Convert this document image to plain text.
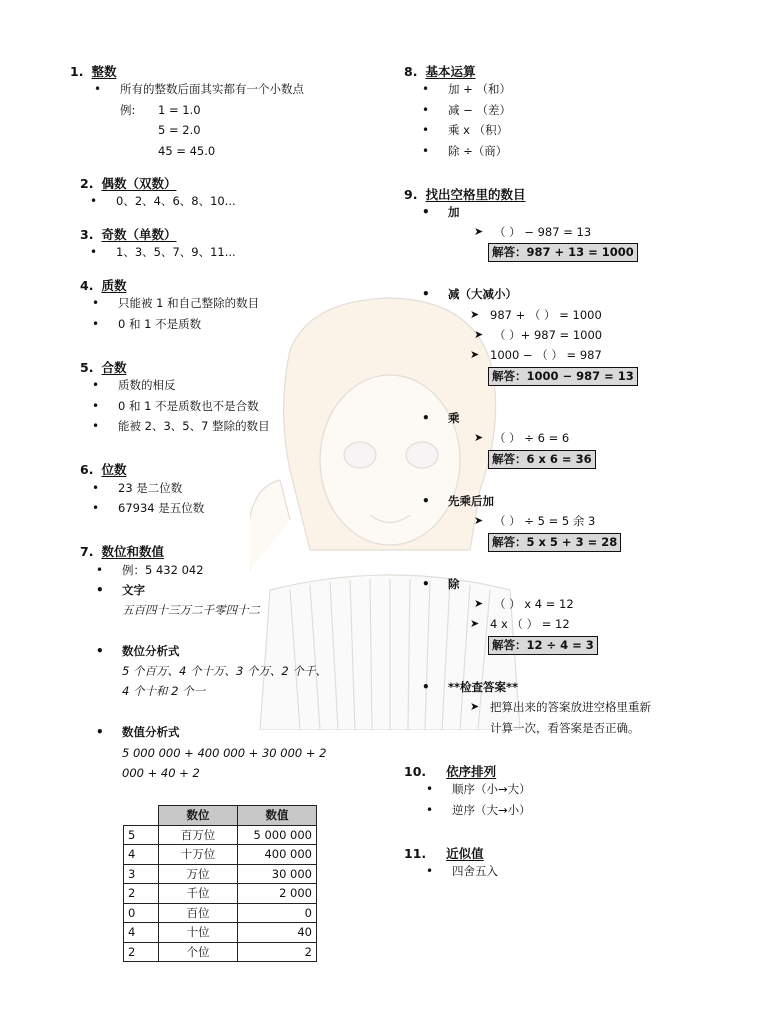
1. 整数
• 所有的整数后面其实都有一个小数点
例: 1 = 1.0
5 = 2.0
45 = 45.0
2. 偶数（双数）
• 0、2、4、6、8、10...
3. 奇数（单数）
• 1、3、5、7、9、11...
4. 质数
• 只能被 1 和自己整除的数目
• 0 和 1 不是质数
5. 合数
• 质数的相反
• 0 和 1 不是质数也不是合数
• 能被 2、3、5、7 整除的数目
6. 位数
• 23 是二位数
• 67934 是五位数
7. 数位和数值
• 例：5 432 042
• 文字
五百四十三万二千零四十二
• 数位分析式
5 个百万、4 个十万、3 个万、2 个千、
4 个十和 2 个一
• 数值分析式
5 000 000 + 400 000 + 30 000 + 2
000 + 40 + 2
	数位	数值
5	百万位	5 000 000
4	十万位	400 000
3	万位	30 000
2	千位	2 000
0	百位	0
4	十位	40
2	个位	2
8. 基本运算
• 加 + （和）
• 减 − （差）
• 乘 x （积）
• 除 ÷（商）
9. 找出空格里的数目
• 加
➤ （ ） − 987 = 13
解答：987 + 13 = 1000
• 减（大减小）
➤ 987 + （ ） = 1000
➤ （ ）+ 987 = 1000
➤ 1000 − （ ） = 987
解答：1000 − 987 = 13
• 乘
➤ （ ） ÷ 6 = 6
解答：6 x 6 = 36
• 先乘后加
➤ （ ） ÷ 5 = 5 余 3
解答：5 x 5 + 3 = 28
• 除
➤ （ ） x 4 = 12
➤ 4 x （ ） = 12
解答：12 ÷ 4 = 3
• **检查答案**
➤ 把算出来的答案放进空格里重新
计算一次，看答案是否正确。
10. 依序排列
• 顺序（小→大）
• 逆序（大→小）
11. 近似值
• 四舍五入
